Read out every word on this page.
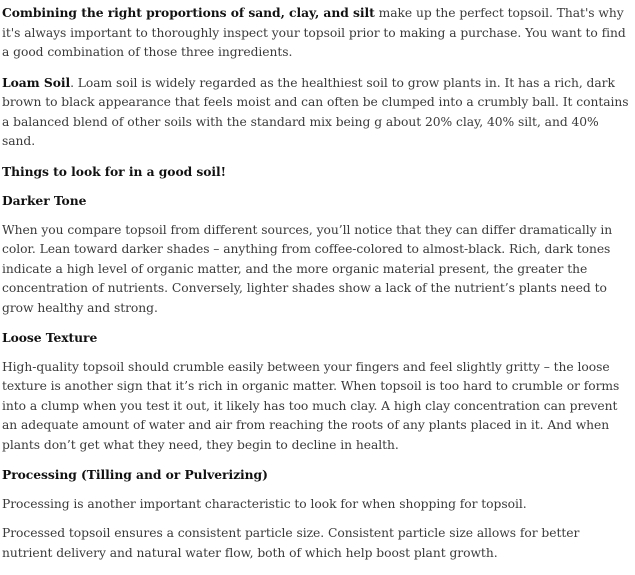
Combining the right proportions of sand, clay, and silt make up the perfect topsoil. That's why it's always important to thoroughly inspect your topsoil prior to making a purchase. You want to find a good combination of those three ingredients.

Loam Soil. Loam soil is widely regarded as the healthiest soil to grow plants in. It has a rich, dark brown to black appearance that feels moist and can often be clumped into a crumbly ball. It contains a balanced blend of other soils with the standard mix being g about 20% clay, 40% silt, and 40% sand.

Things to look for in a good soil!
Darker Tone

When you compare topsoil from different sources, you’ll notice that they can differ dramatically in color. Lean toward darker shades – anything from coffee-colored to almost-black. Rich, dark tones indicate a high level of organic matter, and the more organic material present, the greater the concentration of nutrients. Conversely, lighter shades show a lack of the nutrient’s plants need to grow healthy and strong.

Loose Texture

High-quality topsoil should crumble easily between your fingers and feel slightly gritty – the loose texture is another sign that it’s rich in organic matter. When topsoil is too hard to crumble or forms into a clump when you test it out, it likely has too much clay. A high clay concentration can prevent an adequate amount of water and air from reaching the roots of any plants placed in it. And when plants don’t get what they need, they begin to decline in health.

Processing (Tilling and or Pulverizing)

Processing is another important characteristic to look for when shopping for topsoil.

Processed topsoil ensures a consistent particle size. Consistent particle size allows for better nutrient delivery and natural water flow, both of which help boost plant growth.
